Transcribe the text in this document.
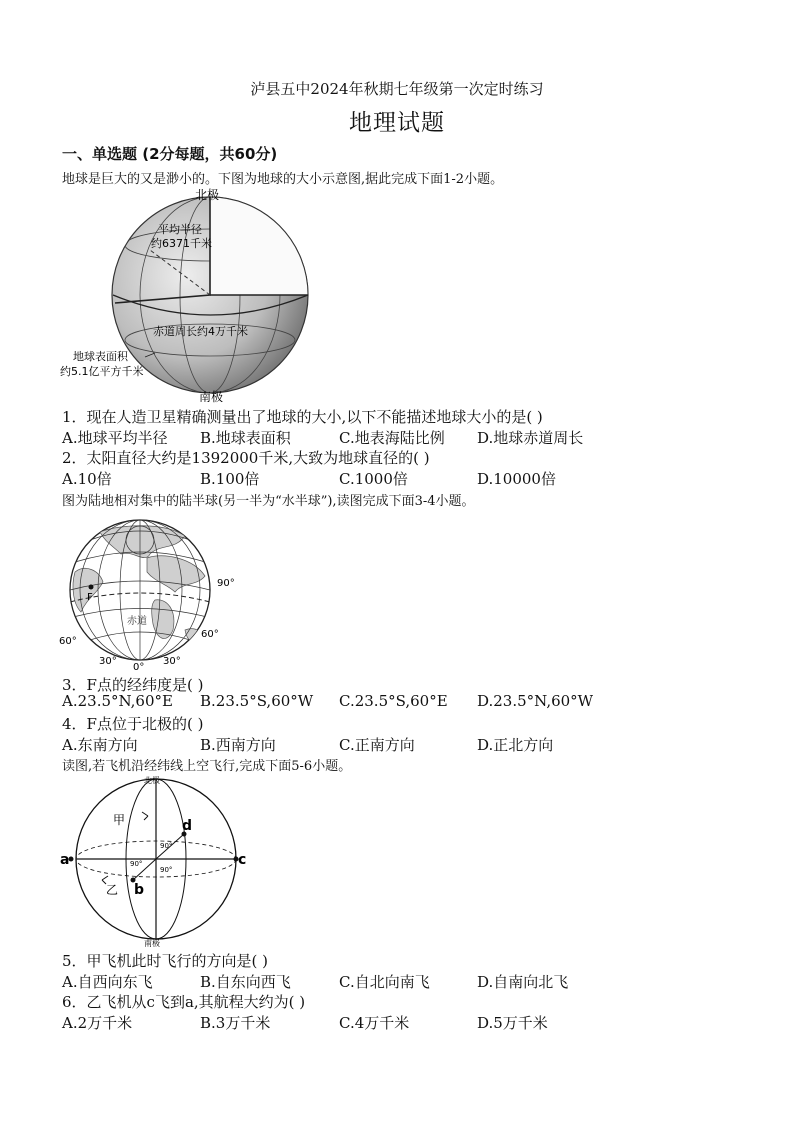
泸县五中2024年秋期七年级第一次定时练习
地理试题
一、单选题 (2分每题，共60分)
地球是巨大的又是渺小的。下图为地球的大小示意图,据此完成下面1-2小题。
北极
南极
平均半径
约6371千米
赤道周长约4万千米
地球表面积
约5.1亿平方千米
1．现在人造卫星精确测量出了地球的大小,以下不能描述地球大小的是( )
A.地球平均半径 B.地球表面积	C.地表海陆比例 D.地球赤道周长
2．太阳直径大约是1392000千米,大致为地球直径的( )
A.10倍	B.100倍	C.1000倍	D.10000倍
图为陆地相对集中的陆半球(另一半为“水半球”),读图完成下面3-4小题。
F
赤道
90°
60°
60°
30°
0°
30°
3．F点的经纬度是( )
A.23.5°N,60°E B.23.5°S,60°W C.23.5°S,60°E D.23.5°N,60°W
4．F点位于北极的( )
A.东南方向	B.西南方向	C.正南方向	D.正北方向
读图,若飞机沿经纬线上空飞行,完成下面5-6小题。
北极
南极
甲
乙
a
b
c
d
90°
90°
90°
5．甲飞机此时飞行的方向是( )
A.自西向东飞	B.自东向西飞	C.自北向南飞	D.自南向北飞
6．乙飞机从c飞到a,其航程大约为( )
A.2万千米	B.3万千米	C.4万千米	D.5万千米
